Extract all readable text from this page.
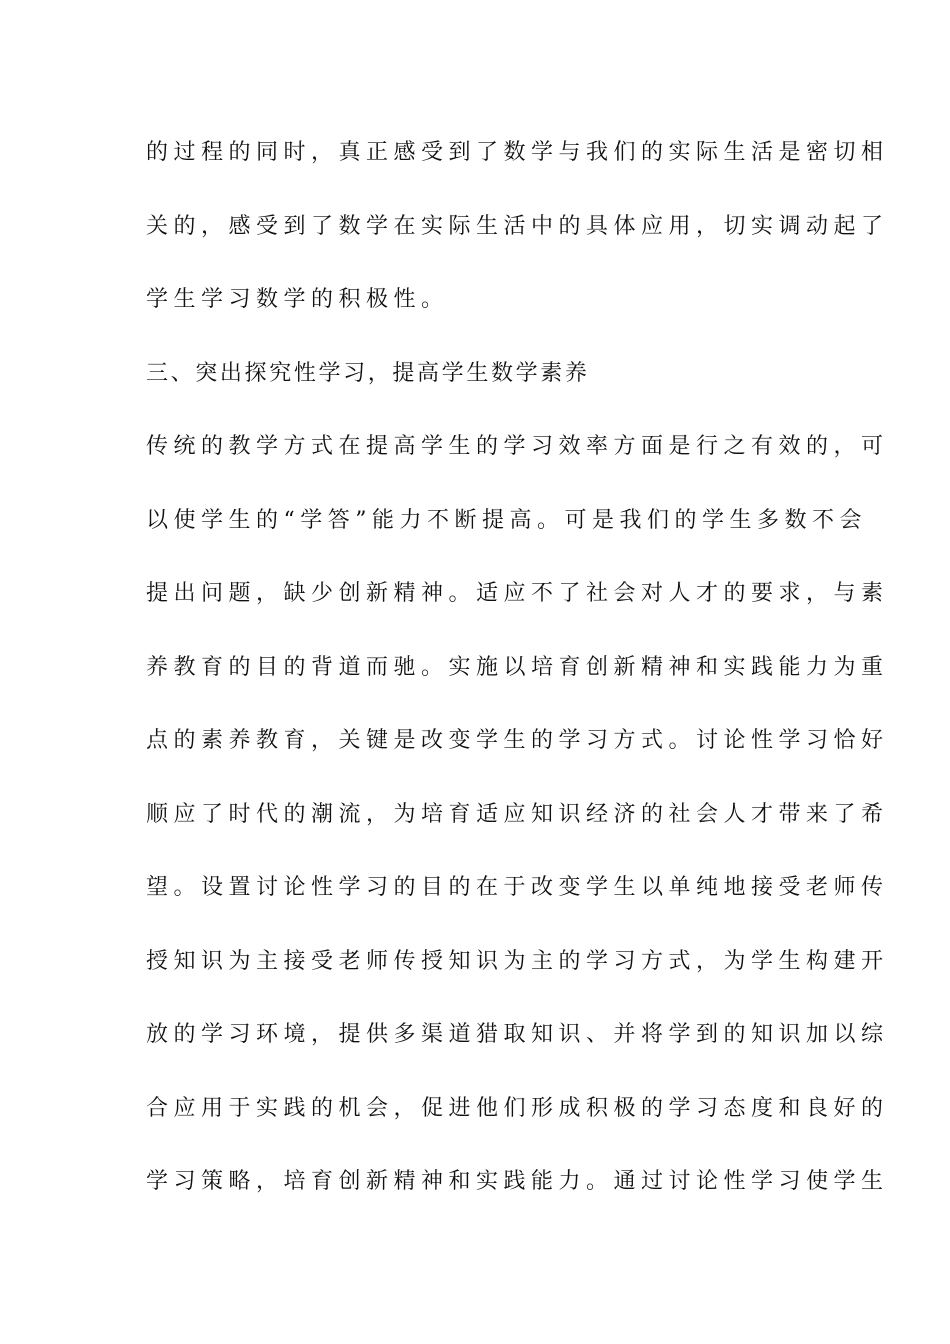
的过程的同时，真正感受到了数学与我们的实际生活是密切相
关的，感受到了数学在实际生活中的具体应用，切实调动起了
学生学习数学的积极性。
三、突出探究性学习，提高学生数学素养
传统的教学方式在提高学生的学习效率方面是行之有效的，可
以使学生的“学答”能力不断提高。可是我们的学生多数不会
提出问题，缺少创新精神。适应不了社会对人才的要求，与素
养教育的目的背道而驰。实施以培育创新精神和实践能力为重
点的素养教育，关键是改变学生的学习方式。讨论性学习恰好
顺应了时代的潮流，为培育适应知识经济的社会人才带来了希
望。设置讨论性学习的目的在于改变学生以单纯地接受老师传
授知识为主接受老师传授知识为主的学习方式，为学生构建开
放的学习环境，提供多渠道猎取知识、并将学到的知识加以综
合应用于实践的机会，促进他们形成积极的学习态度和良好的
学习策略，培育创新精神和实践能力。通过讨论性学习使学生
